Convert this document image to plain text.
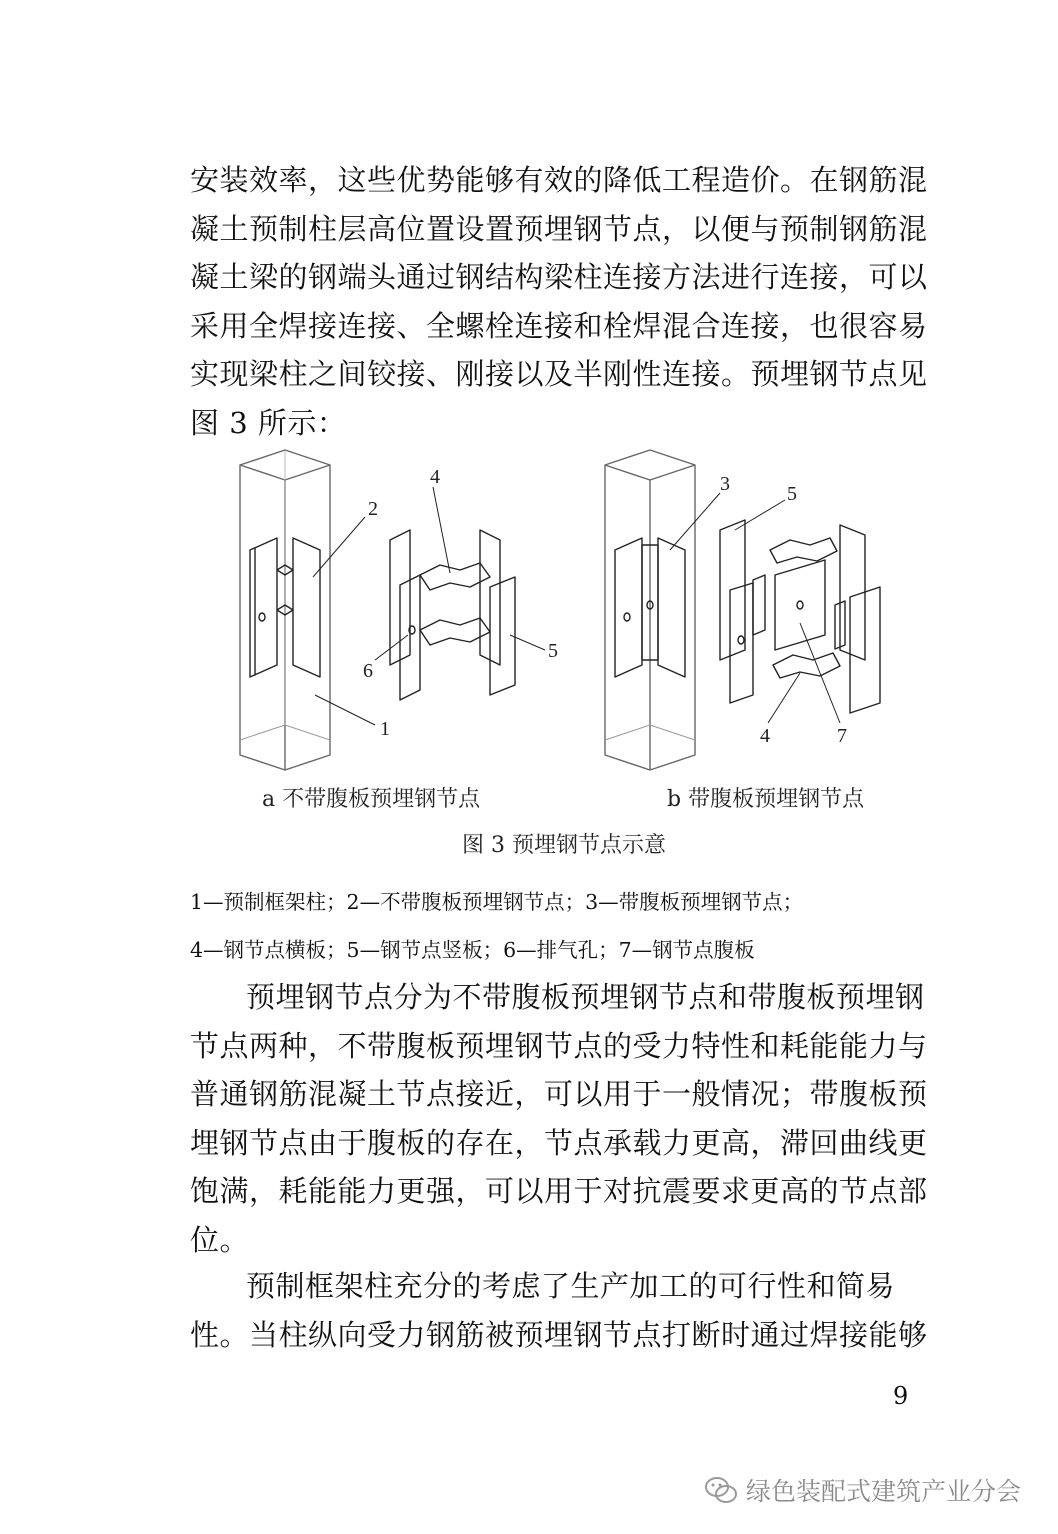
安装效率，这些优势能够有效的降低工程造价。在钢筋混
凝土预制柱层高位置设置预埋钢节点，以便与预制钢筋混
凝土梁的钢端头通过钢结构梁柱连接方法进行连接，可以
采用全焊接连接、全螺栓连接和栓焊混合连接，也很容易
实现梁柱之间铰接、刚接以及半刚性连接。预埋钢节点见
图 3 所示：
2
4
6
5
1
3	5
4	7
a 不带腹板预埋钢节点	b 带腹板预埋钢节点
图 3 预埋钢节点示意
1—预制框架柱；2—不带腹板预埋钢节点；3—带腹板预埋钢节点；
4—钢节点横板；5—钢节点竖板；6—排气孔；7—钢节点腹板
预埋钢节点分为不带腹板预埋钢节点和带腹板预埋钢
节点两种，不带腹板预埋钢节点的受力特性和耗能能力与
普通钢筋混凝土节点接近，可以用于一般情况；带腹板预
埋钢节点由于腹板的存在，节点承载力更高，滞回曲线更
饱满，耗能能力更强，可以用于对抗震要求更高的节点部
位。
预制框架柱充分的考虑了生产加工的可行性和简易
性。当柱纵向受力钢筋被预埋钢节点打断时通过焊接能够
9
绿色装配式建筑产业分会
